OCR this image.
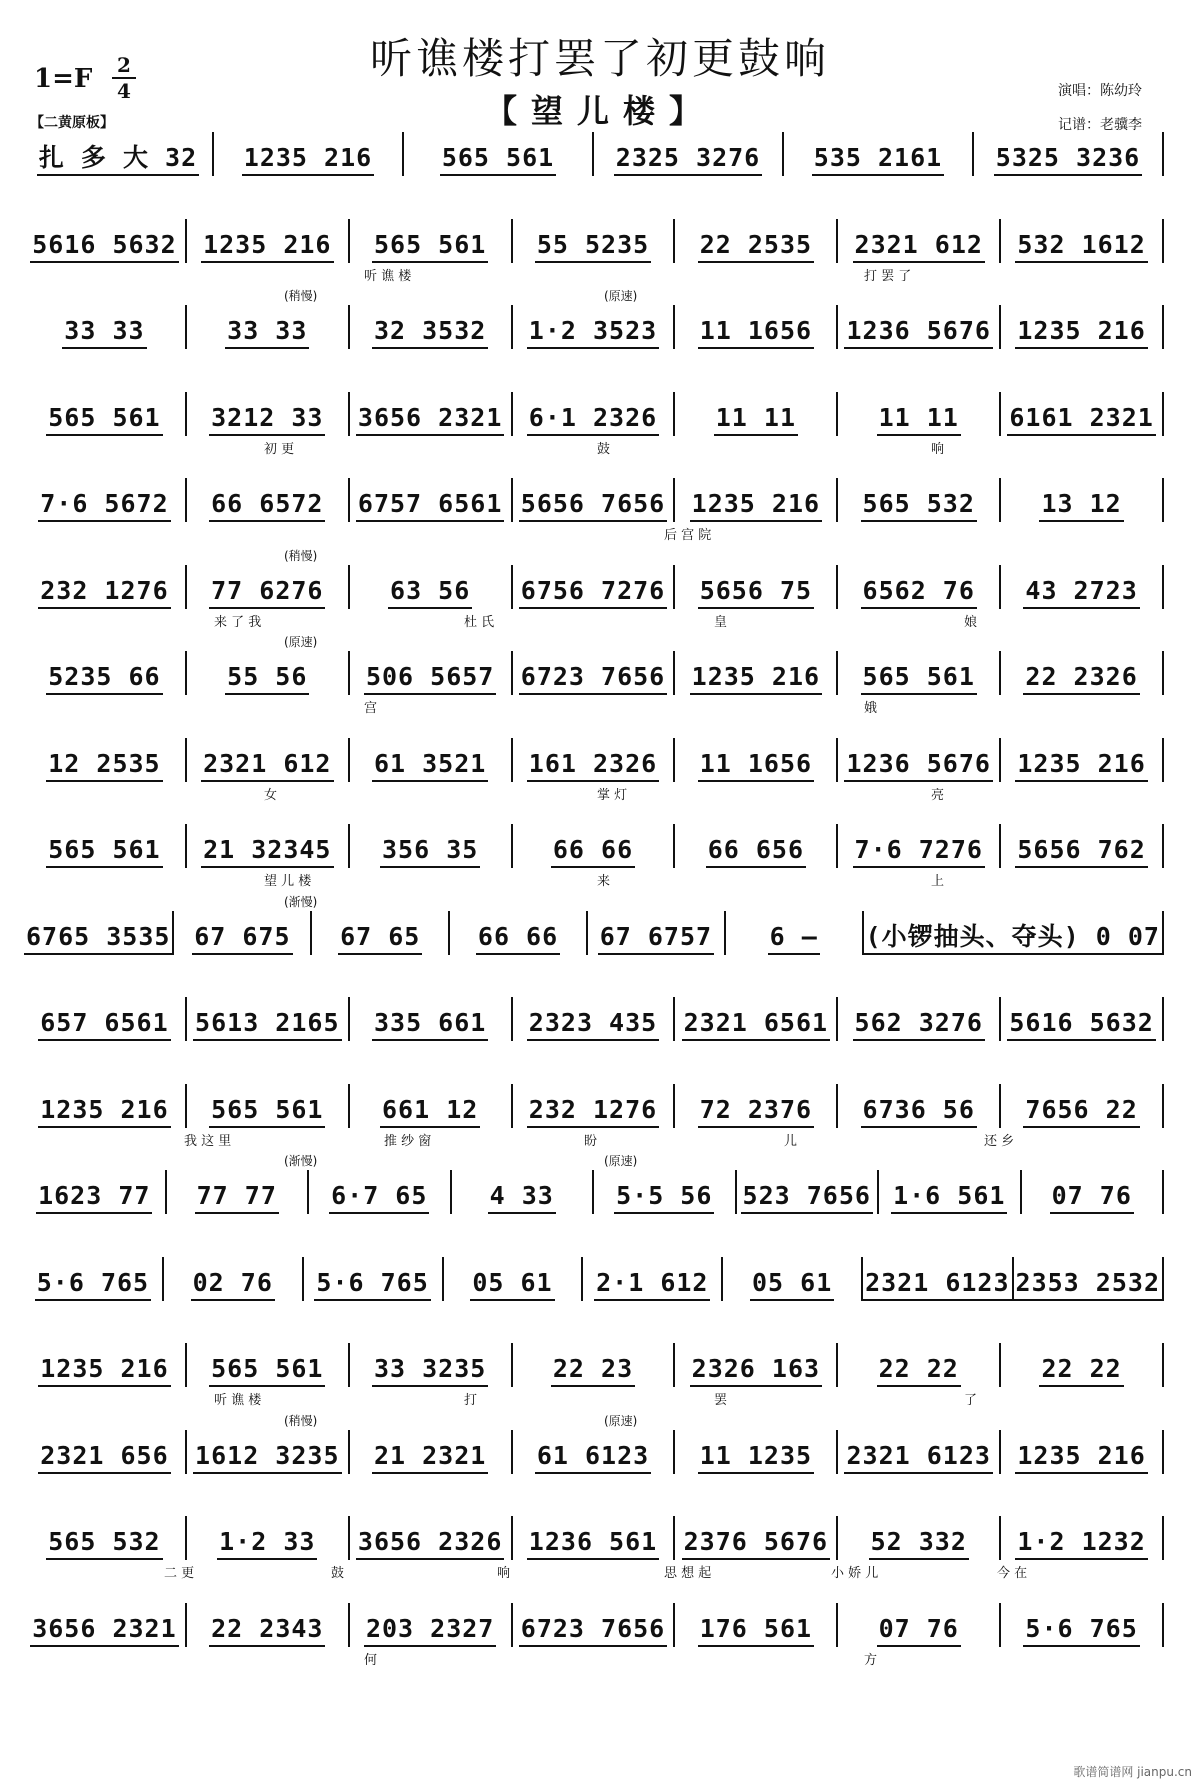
听谯楼打罢了初更鼓响
【望儿楼】
1=F 2
4
【二黄原板】
演唱：陈幼玲
记谱：老骥李
歌谱简谱网 jianpu.cn
扎 多 大 32 1235 216	565 561 2325 3276 535 2161 5325 3236
5616 5632 1235 216 565 561 55 5235 22 2535 2321 612 532 1612
听 谯 楼	打 罢 了
33 33	33 33	32 3532 1·2 3523 11 1656 1236 5676 1235 216
(稍慢)	(原速)
565 561 3212 33 3656 2321 6·1 2326 11 11	11 11 6161 2321
初 更	鼓	响
7·6 5672 66 6572 6757 6561 5656 7656 1235 216 565 532	13 12
后 宫 院
232 1276 77 6276	63 56 6756 7276 5656 75 6562 76 43 2723
(稍慢)
来 了 我	杜 氏	皇	娘
5235 66	55 56 506 5657 6723 7656 1235 216 565 561 22 2326
(原速)
宫	娥
12 2535 2321 612 61 3521 161 2326 11 1656 1236 5676 1235 216
女	掌 灯	亮
565 561 21 32345 356 35	66 66	66 656 7·6 7276 5656 762
望 儿 楼	来	上
6765 3535 67 675 67 65 66 66 67 6757 6 – (小锣抽头、夺头) 0 07
(渐慢)
657 6561 5613 2165 335 661 2323 435 2321 6561 562 3276 5616 5632
1235 216 565 561 661 12 232 1276 72 2376 6736 56 7656 22
我 这 里	推 纱 窗	盼	儿	还 乡
1623 77 77 77 6·7 65 4 33 5·5 56 523 7656 1·6 561 07 76
(渐慢)	(原速)
5·6 765 02 76 5·6 765 05 61 2·1 612 05 61 2321 6123 2353 2532
1235 216 565 561 33 3235	22 23 2326 163 22 22	22 22
听 谯 楼	打	罢	了
2321 656 1612 3235 21 2321 61 6123 11 1235 2321 6123 1235 216
(稍慢)	(原速)
565 532 1·2 33 3656 2326 1236 561 2376 5676 52 332 1·2 1232
二 更	鼓	响	思 想 起	小 娇 儿	今 在
3656 2321 22 2343 203 2327 6723 7656 176 561	07 76	5·6 765
何	方
